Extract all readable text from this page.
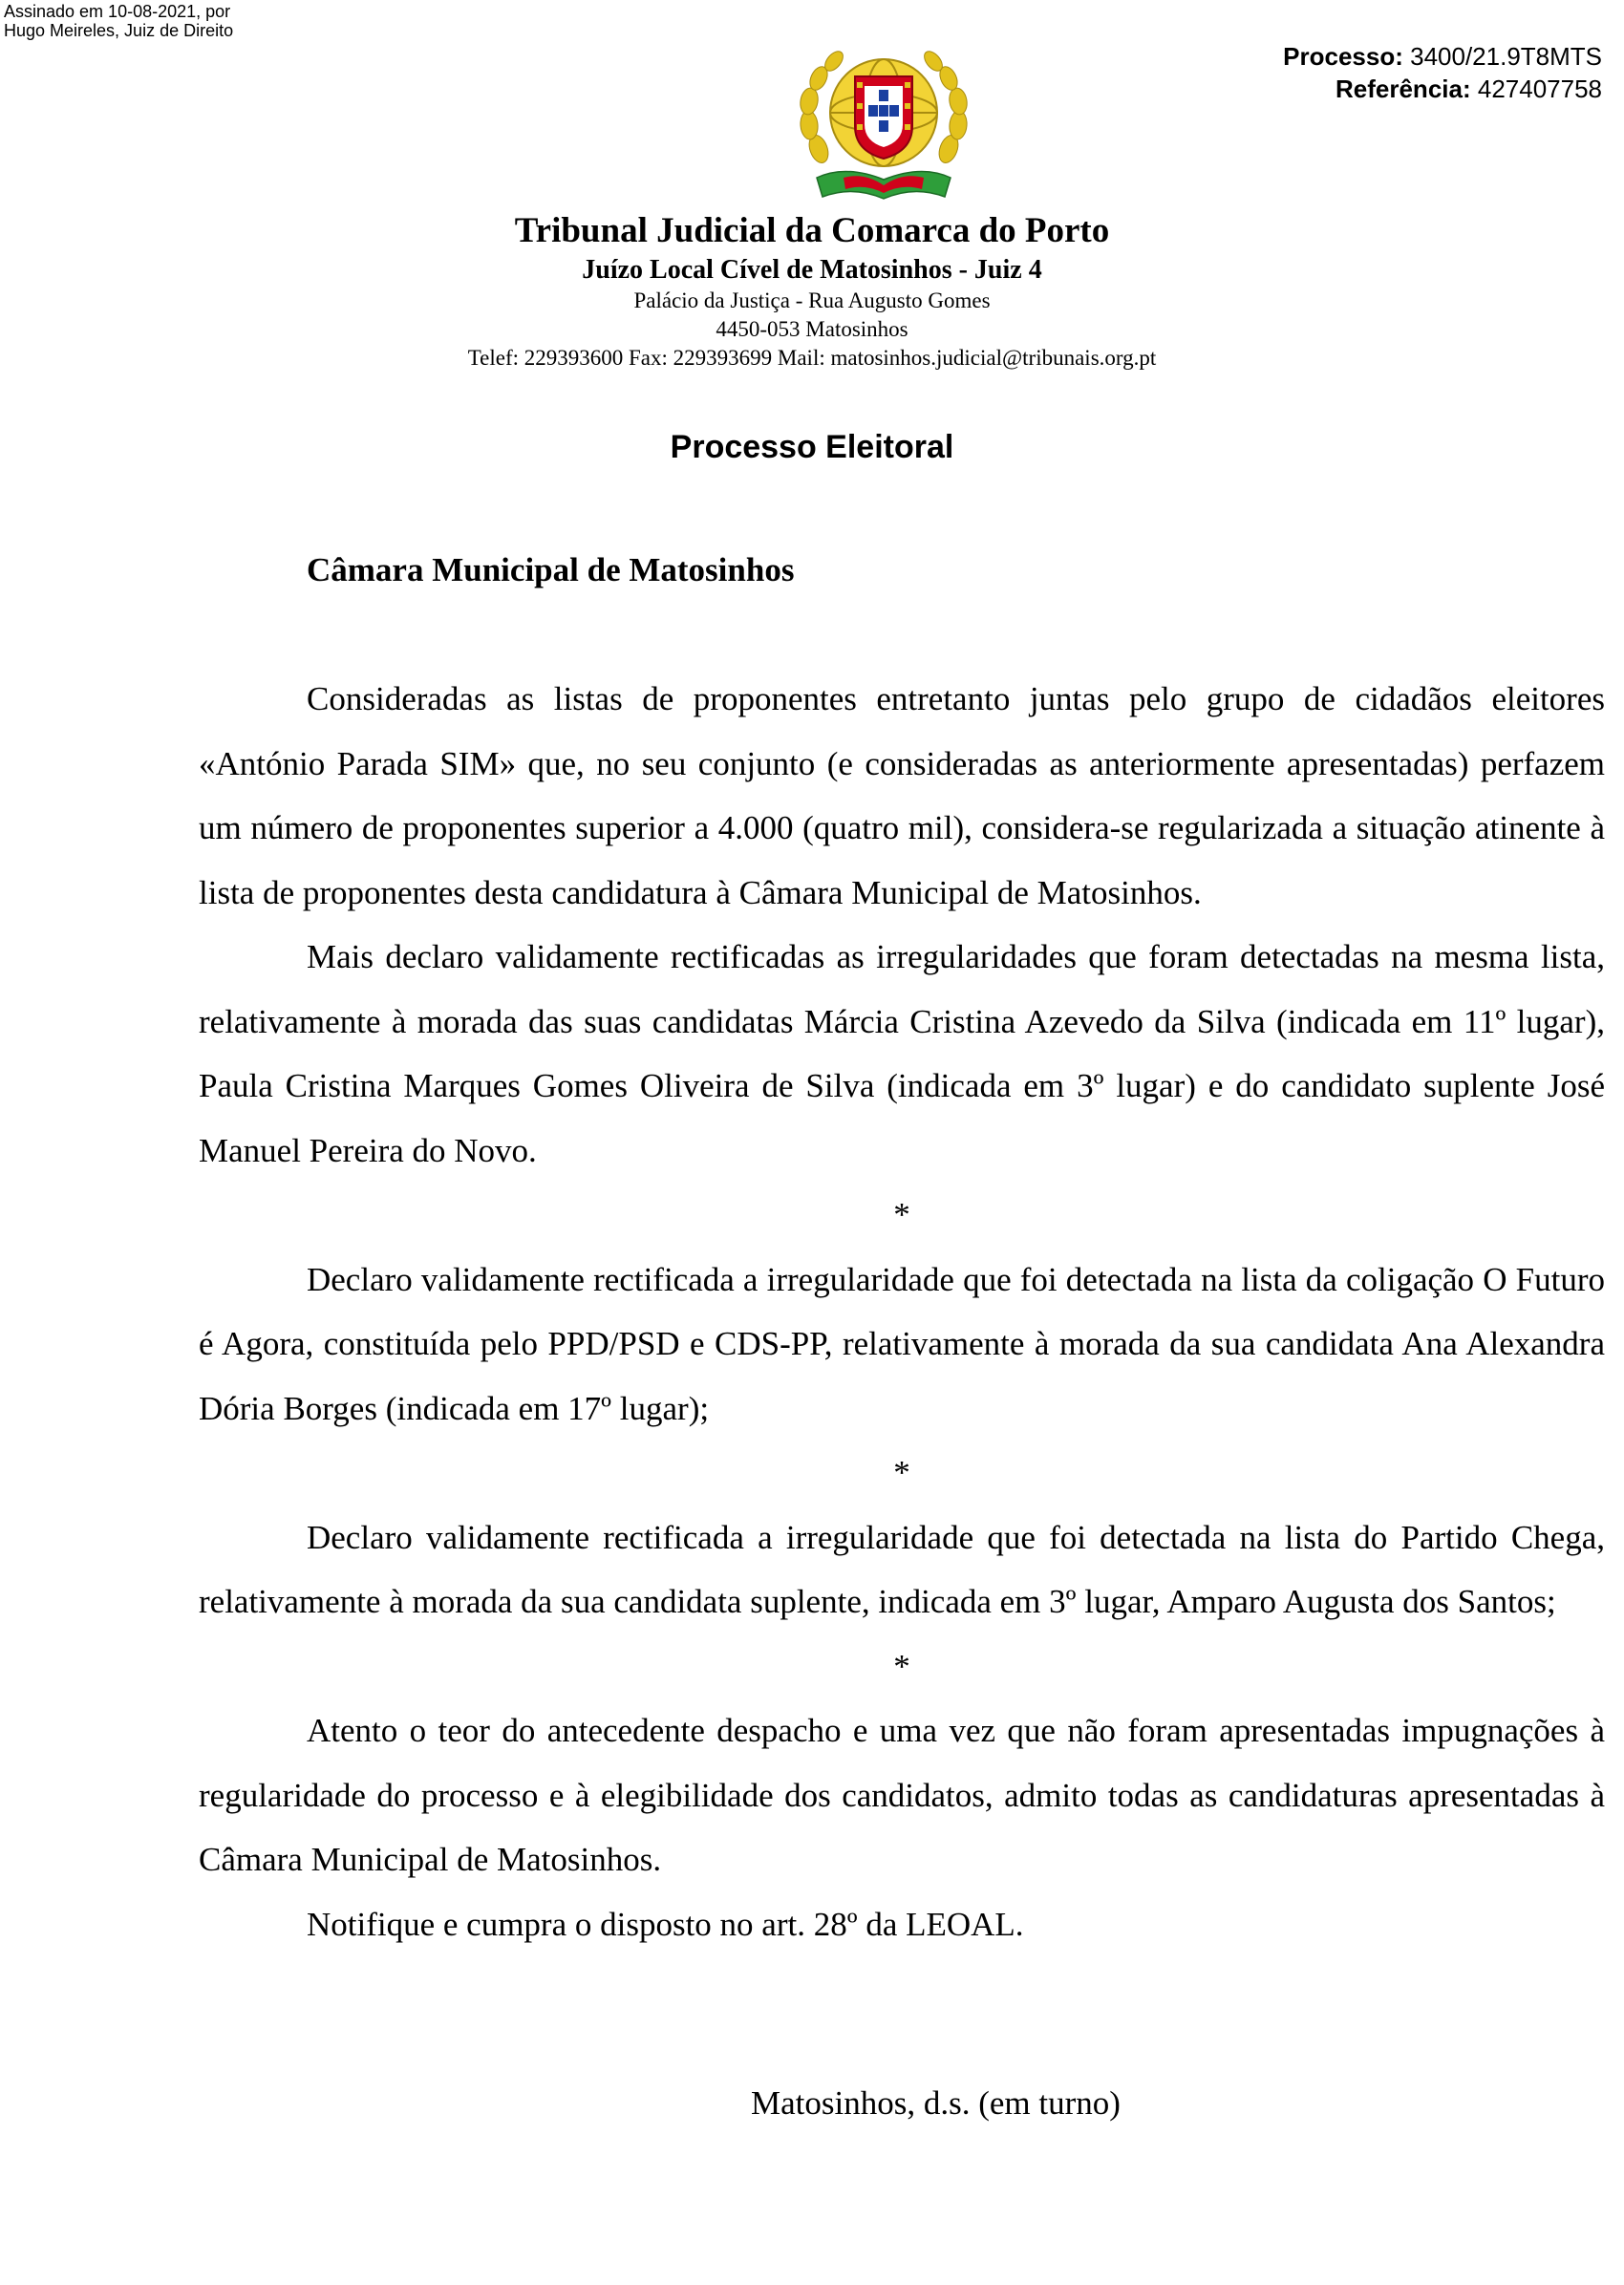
Assinado em 10-08-2021, por
Hugo Meireles, Juiz de Direito
Processo: 3400/21.9T8MTS
Referência: 427407758
Tribunal Judicial da Comarca do Porto
Juízo Local Cível de Matosinhos - Juiz 4
Palácio da Justiça - Rua Augusto Gomes
4450-053 Matosinhos
Telef: 229393600 Fax: 229393699 Mail: matosinhos.judicial@tribunais.org.pt
Processo Eleitoral
Câmara Municipal de Matosinhos

Consideradas as listas de proponentes entretanto juntas pelo grupo de cidadãos eleitores «António Parada SIM» que, no seu conjunto (e consideradas as anteriormente apresentadas) perfazem um número de proponentes superior a 4.000 (quatro mil), considera-se regularizada a situação atinente à lista de proponentes desta candidatura à Câmara Municipal de Matosinhos.

Mais declaro validamente rectificadas as irregularidades que foram detectadas na mesma lista, relativamente à morada das suas candidatas Márcia Cristina Azevedo da Silva (indicada em 11º lugar), Paula Cristina Marques Gomes Oliveira de Silva (indicada em 3º lugar) e do candidato suplente José Manuel Pereira do Novo.

*

Declaro validamente rectificada a irregularidade que foi detectada na lista da coligação O Futuro é Agora, constituída pelo PPD/PSD e CDS-PP, relativamente à morada da sua candidata Ana Alexandra Dória Borges (indicada em 17º lugar);

*

Declaro validamente rectificada a irregularidade que foi detectada na lista do Partido Chega, relativamente à morada da sua candidata suplente, indicada em 3º lugar, Amparo Augusta dos Santos;

*

Atento o teor do antecedente despacho e uma vez que não foram apresentadas impugnações à regularidade do processo e à elegibilidade dos candidatos, admito todas as candidaturas apresentadas à Câmara Municipal de Matosinhos.

Notifique e cumpra o disposto no art. 28º da LEOAL.

Matosinhos, d.s. (em turno)
